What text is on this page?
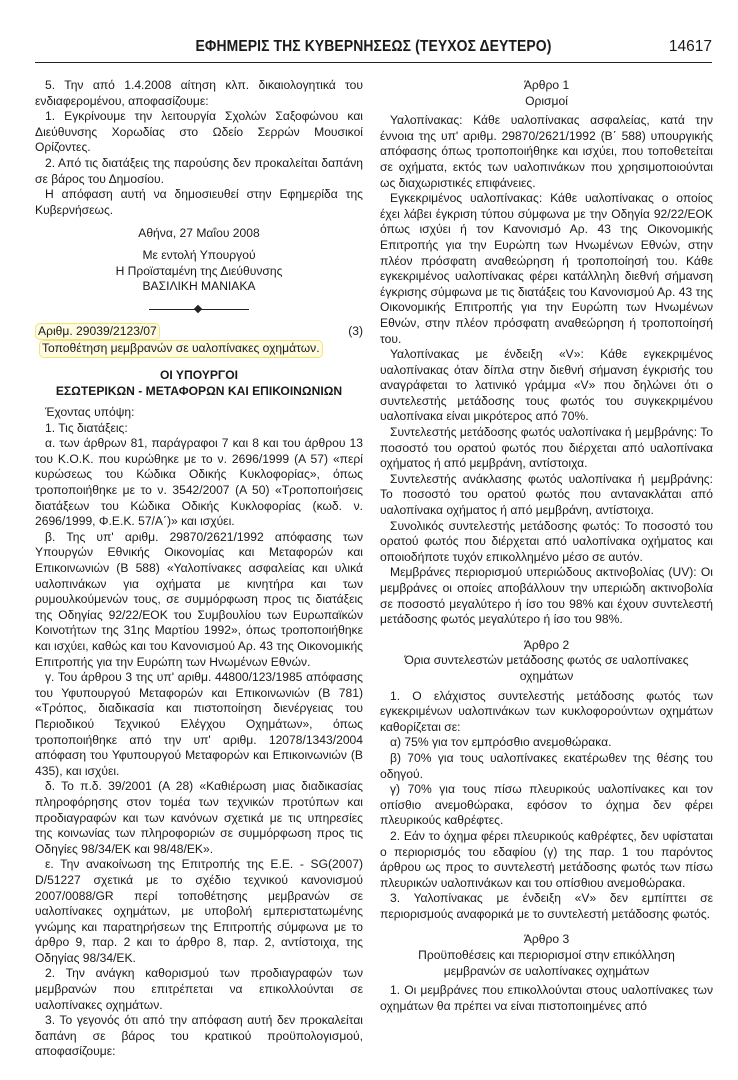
ΕΦΗΜΕΡΙΣ ΤΗΣ ΚΥΒΕΡΝΗΣΕΩΣ (ΤΕΥΧΟΣ ΔΕΥΤΕΡΟ)	14617

5. Την από 1.4.2008 αίτηση κλπ. δικαιολογητικά του ενδιαφερομένου, αποφασίζουμε:

1. Εγκρίνουμε την λειτουργία Σχολών Σαξοφώνου και Διεύθυνσης Χορωδίας στο Ωδείο Σερρών Μουσικοί Ορίζοντες.

2. Από τις διατάξεις της παρούσης δεν προκαλείται δαπάνη σε βάρος του Δημοσίου.

Η απόφαση αυτή να δημοσιευθεί στην Εφημερίδα της Κυβερνήσεως.

Αθήνα, 27 Μαΐου 2008

Με εντολή Υπουργού

Η Προϊσταμένη της Διεύθυνσης

ΒΑΣΙΛΙΚΗ ΜΑΝΙΑΚΑ

Αριθμ. 29039/2123/07	(3)
Τοποθέτηση μεμβρανών σε υαλοπίνακες οχημάτων.

ΟΙ ΥΠΟΥΡΓΟΙ

ΕΣΩΤΕΡΙΚΩΝ - ΜΕΤΑΦΟΡΩΝ ΚΑΙ ΕΠΙΚΟΙΝΩΝΙΩΝ

Έχοντας υπόψη:

1. Τις διατάξεις:

α. των άρθρων 81, παράγραφοι 7 και 8 και του άρθρου 13 του Κ.Ο.Κ. που κυρώθηκε με το ν. 2696/1999 (Α 57) «περί κυρώσεως του Κώδικα Οδικής Κυκλοφορίας», όπως τροποποιήθηκε με το ν. 3542/2007 (Α 50) «Τροποποιήσεις διατάξεων του Κώδικα Οδικής Κυκλοφορίας (κωδ. ν. 2696/1999, Φ.Ε.Κ. 57/Α΄)» και ισχύει.

β. Της υπ' αριθμ. 29870/2621/1992 απόφασης των Υπουργών Εθνικής Οικονομίας και Μεταφορών και Επικοινωνιών (Β 588) «Υαλοπίνακες ασφαλείας και υλικά υαλοπινάκων για οχήματα με κινητήρα και των ρυμουλκούμενών τους, σε συμμόρφωση προς τις διατάξεις της Οδηγίας 92/22/ΕΟΚ του Συμβουλίου των Ευρωπαϊκών Κοινοτήτων της 31ης Μαρτίου 1992», όπως τροποποιήθηκε και ισχύει, καθώς και του Κανονισμού Αρ. 43 της Οικονομικής Επιτροπής για την Ευρώπη των Ηνωμένων Εθνών.

γ. Του άρθρου 3 της υπ' αριθμ. 44800/123/1985 απόφασης του Υφυπουργού Μεταφορών και Επικοινωνιών (Β 781) «Τρόπος, διαδικασία και πιστοποίηση διενέργειας του Περιοδικού Τεχνικού Ελέγχου Οχημάτων», όπως τροποποιήθηκε από την υπ' αριθμ. 12078/1343/2004 απόφαση του Υφυπουργού Μεταφορών και Επικοινωνιών (Β 435), και ισχύει.

δ. Το π.δ. 39/2001 (Α 28) «Καθιέρωση μιας διαδικασίας πληροφόρησης στον τομέα των τεχνικών προτύπων και προδιαγραφών και των κανόνων σχετικά με τις υπηρεσίες της κοινωνίας των πληροφοριών σε συμμόρφωση προς τις Οδηγίες 98/34/ΕΚ και 98/48/ΕΚ».

ε. Την ανακοίνωση της Επιτροπής της Ε.Ε. - SG(2007) D/51227 σχετικά με το σχέδιο τεχνικού κανονισμού 2007/0088/GR περί τοποθέτησης μεμβρανών σε υαλοπίνακες οχημάτων, με υποβολή εμπεριστατωμένης γνώμης και παρατηρήσεων της Επιτροπής σύμφωνα με το άρθρο 9, παρ. 2 και το άρθρο 8, παρ. 2, αντίστοιχα, της Οδηγίας 98/34/ΕΚ.

2. Την ανάγκη καθορισμού των προδιαγραφών των μεμβρανών που επιτρέπεται να επικολλούνται σε υαλοπίνακες οχημάτων.

3. Το γεγονός ότι από την απόφαση αυτή δεν προκαλείται δαπάνη σε βάρος του κρατικού προϋπολογισμού, αποφασίζουμε:

Άρθρο 1

Ορισμοί

Υαλοπίνακας: Κάθε υαλοπίνακας ασφαλείας, κατά την έννοια της υπ' αριθμ. 29870/2621/1992 (Β΄ 588) υπουργικής απόφασης όπως τροποποιήθηκε και ισχύει, που τοποθετείται σε οχήματα, εκτός των υαλοπινάκων που χρησιμοποιούνται ως διαχωριστικές επιφάνειες.

Εγκεκριμένος υαλοπίνακας: Κάθε υαλοπίνακας ο οποίος έχει λάβει έγκριση τύπου σύμφωνα με την Οδηγία 92/22/ΕΟΚ όπως ισχύει ή τον Κανονισμό Αρ. 43 της Οικονομικής Επιτροπής για την Ευρώπη των Ηνωμένων Εθνών, στην πλέον πρόσφατη αναθεώρηση ή τροποποίησή του. Κάθε εγκεκριμένος υαλοπίνακας φέρει κατάλληλη διεθνή σήμανση έγκρισης σύμφωνα με τις διατάξεις του Κανονισμού Αρ. 43 της Οικονομικής Επιτροπής για την Ευρώπη των Ηνωμένων Εθνών, στην πλέον πρόσφατη αναθεώρηση ή τροποποίησή του.

Υαλοπίνακας με ένδειξη «V»: Κάθε εγκεκριμένος υαλοπίνακας όταν δίπλα στην διεθνή σήμανση έγκρισής του αναγράφεται το λατινικό γράμμα «V» που δηλώνει ότι ο συντελεστής μετάδοσης τους φωτός του συγκεκριμένου υαλοπίνακα είναι μικρότερος από 70%.

Συντελεστής μετάδοσης φωτός υαλοπίνακα ή μεμβράνης: Το ποσοστό του ορατού φωτός που διέρχεται από υαλοπίνακα οχήματος ή από μεμβράνη, αντίστοιχα.

Συντελεστής ανάκλασης φωτός υαλοπίνακα ή μεμβράνης: Το ποσοστό του ορατού φωτός που αντανακλάται από υαλοπίνακα οχήματος ή από μεμβράνη, αντίστοιχα.

Συνολικός συντελεστής μετάδοσης φωτός: Το ποσοστό του ορατού φωτός που διέρχεται από υαλοπίνακα οχήματος και οποιοδήποτε τυχόν επικολλημένο μέσο σε αυτόν.

Μεμβράνες περιορισμού υπεριώδους ακτινοβολίας (UV): Οι μεμβράνες οι οποίες αποβάλλουν την υπεριώδη ακτινοβολία σε ποσοστό μεγαλύτερο ή ίσο του 98% και έχουν συντελεστή μετάδοσης φωτός μεγαλύτερο ή ίσο του 98%.

Άρθρο 2

Όρια συντελεστών μετάδοσης φωτός σε υαλοπίνακες οχημάτων

1. Ο ελάχιστος συντελεστής μετάδοσης φωτός των εγκεκριμένων υαλοπινάκων των κυκλοφορούντων οχημάτων καθορίζεται σε:

α) 75% για τον εμπρόσθιο ανεμοθώρακα.

β) 70% για τους υαλοπίνακες εκατέρωθεν της θέσης του οδηγού.

γ) 70% για τους πίσω πλευρικούς υαλοπίνακες και τον οπίσθιο ανεμοθώρακα, εφόσον το όχημα δεν φέρει πλευρικούς καθρέφτες.

2. Εάν το όχημα φέρει πλευρικούς καθρέφτες, δεν υφίσταται ο περιορισμός του εδαφίου (γ) της παρ. 1 του παρόντος άρθρου ως προς το συντελεστή μετάδοσης φωτός των πίσω πλευρικών υαλοπινάκων και του οπίσθιου ανεμοθώρακα.

3. Υαλοπίνακας με ένδειξη «V» δεν εμπίπτει σε περιορισμούς αναφορικά με το συντελεστή μετάδοσης φωτός.

Άρθρο 3

Προϋποθέσεις και περιορισμοί στην επικόλληση

μεμβρανών σε υαλοπίνακες οχημάτων

1. Οι μεμβράνες που επικολλούνται στους υαλοπίνακες των οχημάτων θα πρέπει να είναι πιστοποιημένες από
